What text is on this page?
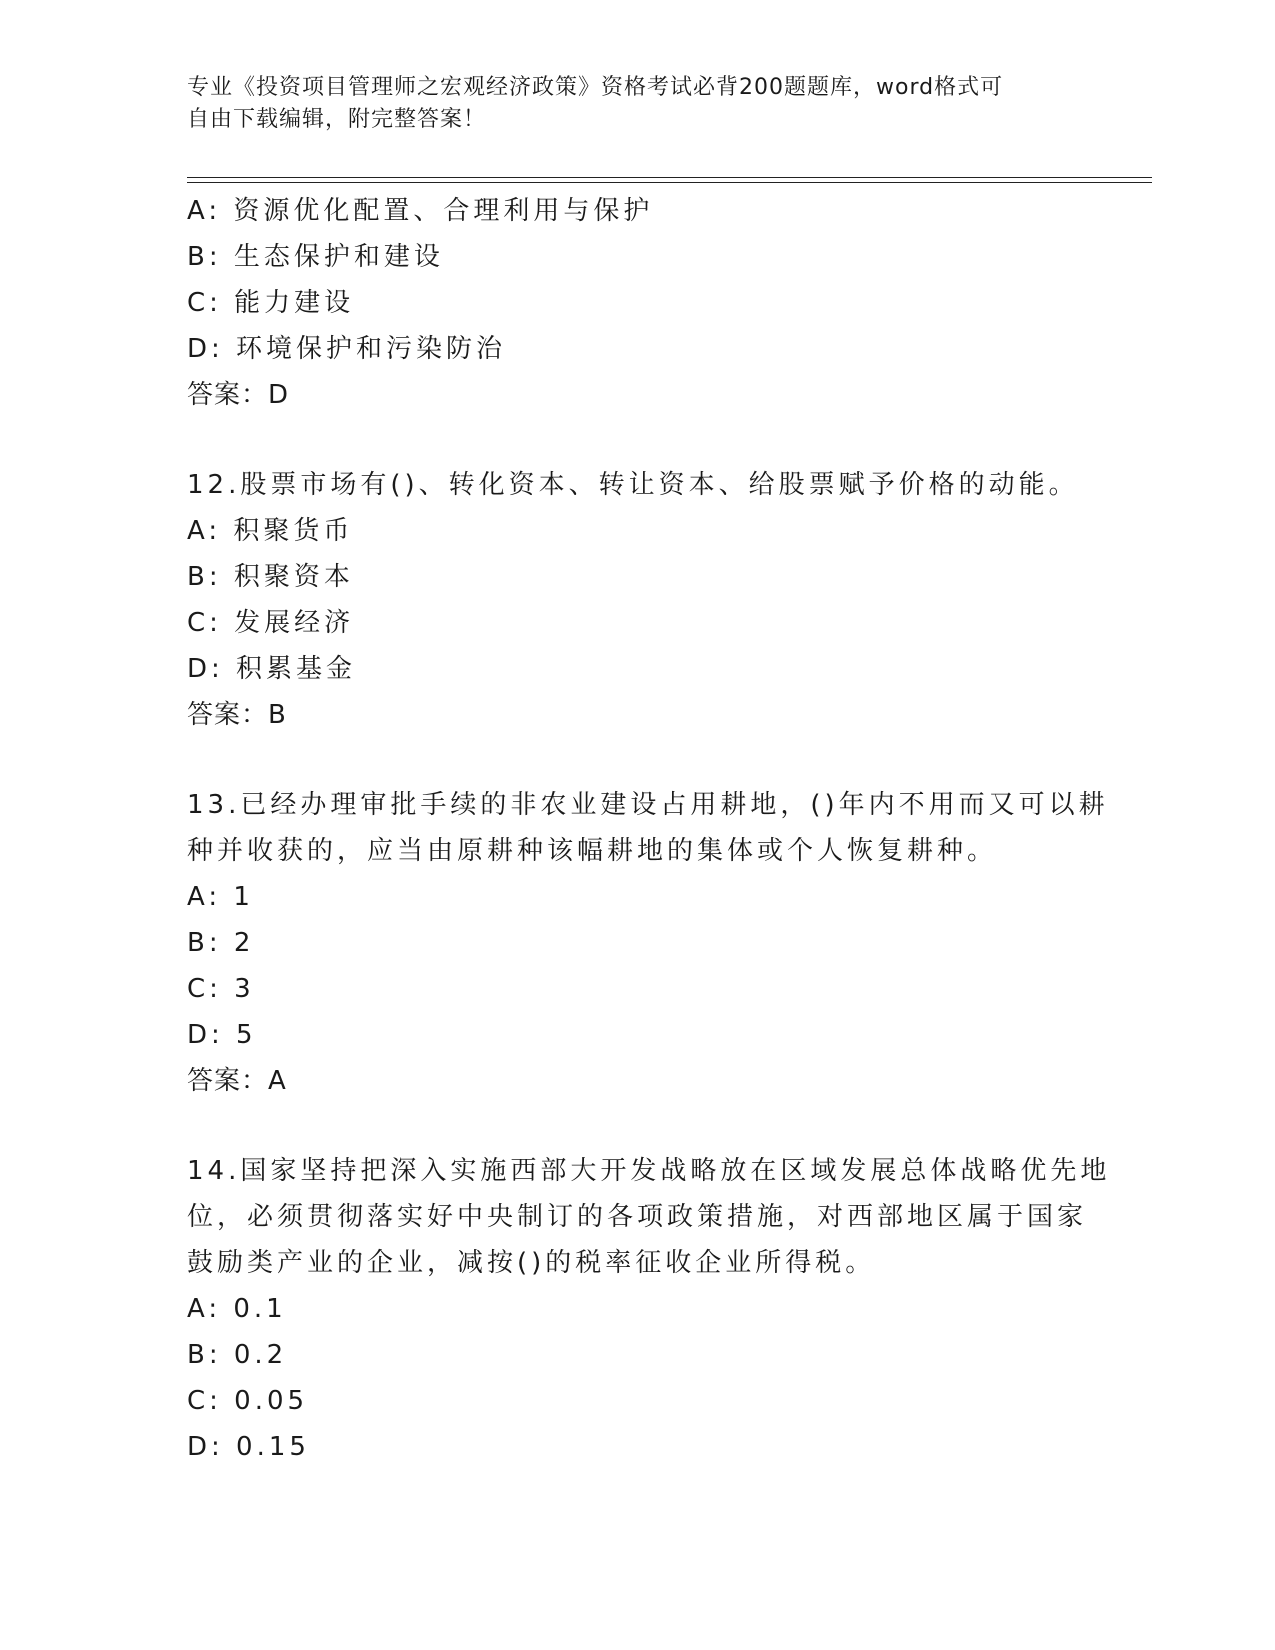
专业《投资项目管理师之宏观经济政策》资格考试必背200题题库，word格式可
自由下载编辑，附完整答案！
A: 资源优化配置、合理利用与保护
B: 生态保护和建设
C: 能力建设
D: 环境保护和污染防治
答案：D
12.股票市场有()、转化资本、转让资本、给股票赋予价格的动能。
A: 积聚货币
B: 积聚资本
C: 发展经济
D: 积累基金
答案：B
13.已经办理审批手续的非农业建设占用耕地，()年内不用而又可以耕
种并收获的，应当由原耕种该幅耕地的集体或个人恢复耕种。
A: 1
B: 2
C: 3
D: 5
答案：A
14.国家坚持把深入实施西部大开发战略放在区域发展总体战略优先地
位，必须贯彻落实好中央制订的各项政策措施，对西部地区属于国家
鼓励类产业的企业，减按()的税率征收企业所得税。
A: 0.1
B: 0.2
C: 0.05
D: 0.15
